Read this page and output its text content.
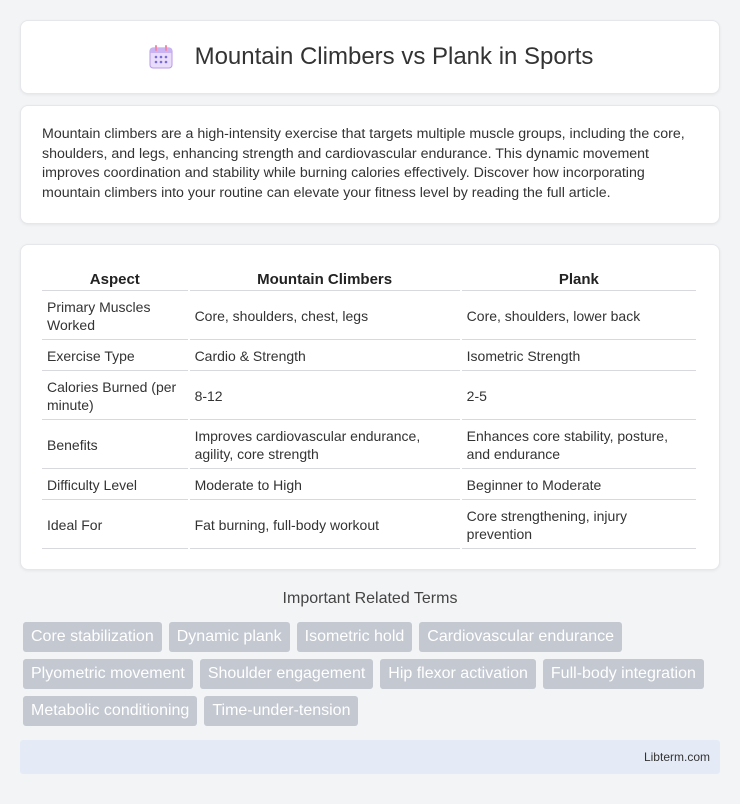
Mountain Climbers vs Plank in Sports

Mountain climbers are a high-intensity exercise that targets multiple muscle groups, including the core, shoulders, and legs, enhancing strength and cardiovascular endurance. This dynamic movement improves coordination and stability while burning calories effectively. Discover how incorporating mountain climbers into your routine can elevate your fitness level by reading the full article.

Aspect	Mountain Climbers	Plank
Primary Muscles Worked	Core, shoulders, chest, legs	Core, shoulders, lower back
Exercise Type	Cardio & Strength	Isometric Strength
Calories Burned (per minute)	8-12	2-5
Benefits	Improves cardiovascular endurance, agility, core strength	Enhances core stability, posture, and endurance
Difficulty Level	Moderate to High	Beginner to Moderate
Ideal For	Fat burning, full-body workout	Core strengthening, injury prevention
Important Related Terms
Core stabilization	Dynamic plank	Isometric hold	Cardiovascular endurance
Plyometric movement	Shoulder engagement	Hip flexor activation	Full-body integration
Metabolic conditioning	Time-under-tension
Libterm.com
